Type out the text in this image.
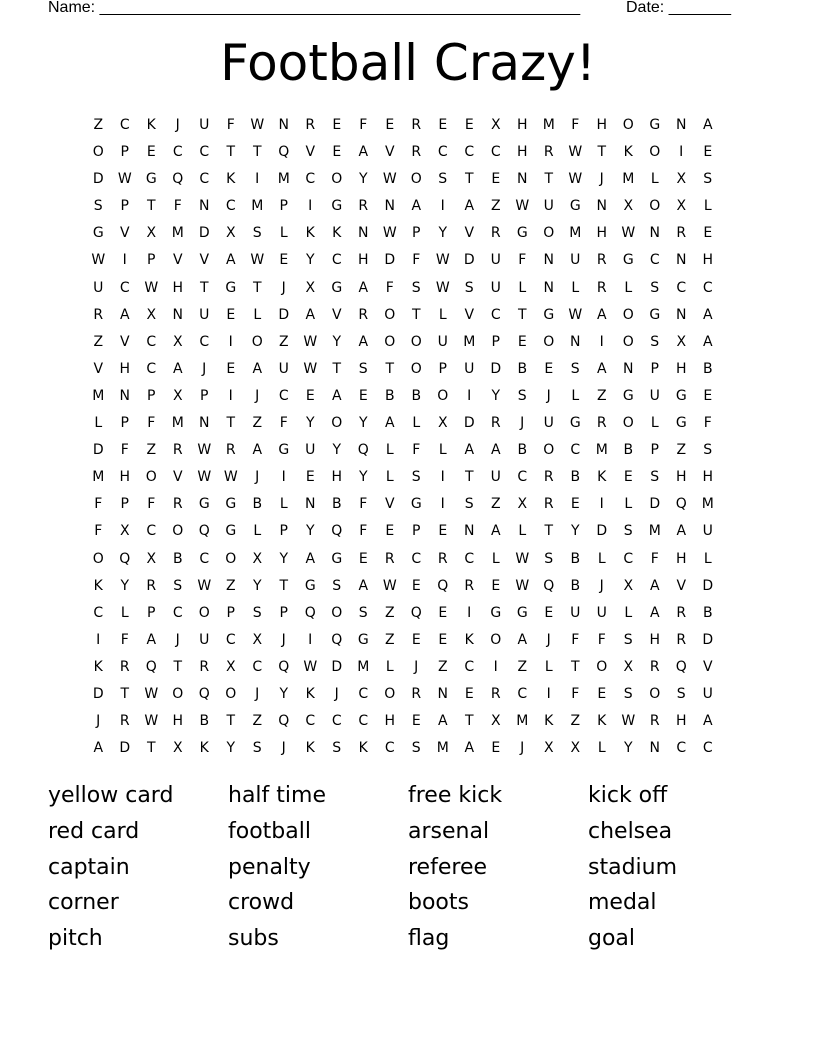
Name: ______________________________________________________	Date: _______
Football Crazy!
Z	C	K	J	U	F	W	N	R	E	F	E	R	E	E	X	H	M	F	H	O	G	N	A
O	P	E	C	C	T	T	Q	V	E	A	V	R	C	C	C	H	R	W	T	K	O	I	E
D	W	G	Q	C	K	I	M	C	O	Y	W	O	S	T	E	N	T	W	J	M	L	X	S
S	P	T	F	N	C	M	P	I	G	R	N	A	I	A	Z	W	U	G	N	X	O	X	L
G	V	X	M	D	X	S	L	K	K	N	W	P	Y	V	R	G	O	M	H	W	N	R	E
W	I	P	V	V	A	W	E	Y	C	H	D	F	W	D	U	F	N	U	R	G	C	N	H
U	C	W	H	T	G	T	J	X	G	A	F	S	W	S	U	L	N	L	R	L	S	C	C
R	A	X	N	U	E	L	D	A	V	R	O	T	L	V	C	T	G	W	A	O	G	N	A
Z	V	C	X	C	I	O	Z	W	Y	A	O	O	U	M	P	E	O	N	I	O	S	X	A
V	H	C	A	J	E	A	U	W	T	S	T	O	P	U	D	B	E	S	A	N	P	H	B
M	N	P	X	P	I	J	C	E	A	E	B	B	O	I	Y	S	J	L	Z	G	U	G	E
L	P	F	M	N	T	Z	F	Y	O	Y	A	L	X	D	R	J	U	G	R	O	L	G	F
D	F	Z	R	W	R	A	G	U	Y	Q	L	F	L	A	A	B	O	C	M	B	P	Z	S
M	H	O	V	W W	J	I	E	H	Y	L	S	I	T	U	C	R	B	K	E	S	H	H
F	P	F	R	G	G	B	L	N	B	F	V	G	I	S	Z	X	R	E	I	L	D	Q	M
F	X	C	O	Q	G	L	P	Y	Q	F	E	P	E	N	A	L	T	Y	D	S	M	A	U
O	Q	X	B	C	O	X	Y	A	G	E	R	C	R	C	L	W	S	B	L	C	F	H	L
K	Y	R	S	W	Z	Y	T	G	S	A	W	E	Q	R	E	W	Q	B	J	X	A	V	D
C	L	P	C	O	P	S	P	Q	O	S	Z	Q	E	I	G	G	E	U	U	L	A	R	B
I	F	A	J	U	C	X	J	I	Q	G	Z	E	E	K	O	A	J	F	F	S	H	R	D
K	R	Q	T	R	X	C	Q	W	D	M	L	J	Z	C	I	Z	L	T	O	X	R	Q	V
D	T	W	O	Q	O	J	Y	K	J	C	O	R	N	E	R	C	I	F	E	S	O	S	U
J	R	W	H	B	T	Z	Q	C	C	C	H	E	A	T	X	M	K	Z	K	W	R	H	A
A	D	T	X	K	Y	S	J	K	S	K	C	S	M	A	E	J	X	X	L	Y	N	C	C
yellow card	half time	free kick	kick off
red card	football	arsenal	chelsea
captain	penalty	referee	stadium
corner	crowd	boots	medal
pitch	subs	flag	goal
